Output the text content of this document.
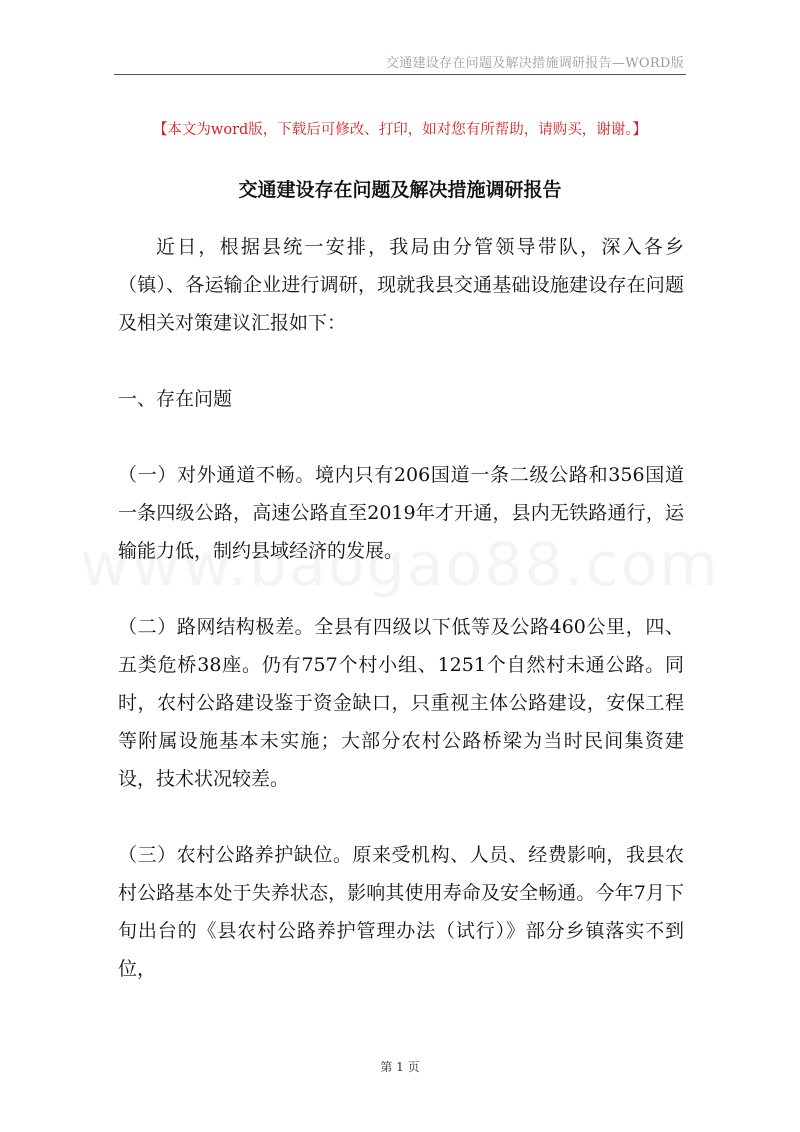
交通建设存在问题及解决措施调研报告—WORD版
【本文为word版，下载后可修改、打印，如对您有所帮助，请购买，谢谢。】
交通建设存在问题及解决措施调研报告

近日，根据县统一安排，我局由分管领导带队，深入各乡（镇）、各运输企业进行调研，现就我县交通基础设施建设存在问题及相关对策建议汇报如下：

一、存在问题

（一）对外通道不畅。境内只有206国道一条二级公路和356国道一条四级公路，高速公路直至2019年才开通，县内无铁路通行，运输能力低，制约县域经济的发展。

（二）路网结构极差。全县有四级以下低等及公路460公里，四、五类危桥38座。仍有757个村小组、1251个自然村未通公路。同时，农村公路建设鉴于资金缺口，只重视主体公路建设，安保工程等附属设施基本未实施；大部分农村公路桥梁为当时民间集资建设，技术状况较差。

（三）农村公路养护缺位。原来受机构、人员、经费影响，我县农村公路基本处于失养状态，影响其使用寿命及安全畅通。今年7月下旬出台的《县农村公路养护管理办法（试行）》部分乡镇落实不到位，

第 1 页
